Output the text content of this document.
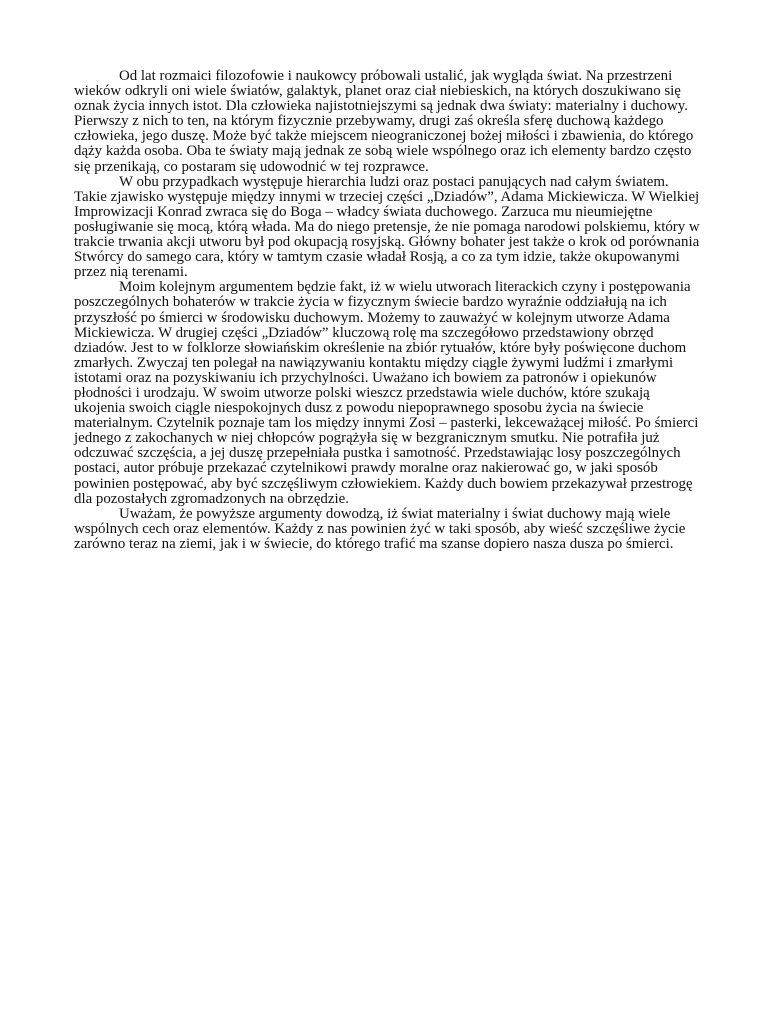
Od lat rozmaici filozofowie i naukowcy próbowali ustalić, jak wygląda świat. Na przestrzeni wieków odkryli oni wiele światów, galaktyk, planet oraz ciał niebieskich, na których doszukiwano się oznak życia innych istot. Dla człowieka najistotniejszymi są jednak dwa światy: materialny i duchowy. Pierwszy z nich to ten, na którym fizycznie przebywamy, drugi zaś określa sferę duchową każdego człowieka, jego duszę. Może być także miejscem nieograniczonej bożej miłości i zbawienia, do którego dąży każda osoba. Oba te światy mają jednak ze sobą wiele wspólnego oraz ich elementy bardzo często się przenikają, co postaram się udowodnić w tej rozprawce.

W obu przypadkach występuje hierarchia ludzi oraz postaci panujących nad całym światem. Takie zjawisko występuje między innymi w trzeciej części „Dziadów”, Adama Mickiewicza. W Wielkiej Improwizacji Konrad zwraca się do Boga – władcy świata duchowego. Zarzuca mu nieumiejętne posługiwanie się mocą, którą włada. Ma do niego pretensje, że nie pomaga narodowi polskiemu, który w trakcie trwania akcji utworu był pod okupacją rosyjską. Główny bohater jest także o krok od porównania Stwórcy do samego cara, który w tamtym czasie władał Rosją, a co za tym idzie, także okupowanymi przez nią terenami.

Moim kolejnym argumentem będzie fakt, iż w wielu utworach literackich czyny i postępowania poszczególnych bohaterów w trakcie życia w fizycznym świecie bardzo wyraźnie oddziałują na ich przyszłość po śmierci w środowisku duchowym. Możemy to zauważyć w kolejnym utworze Adama Mickiewicza. W drugiej części „Dziadów” kluczową rolę ma szczegółowo przedstawiony obrzęd dziadów. Jest to w folklorze słowiańskim określenie na zbiór rytuałów, które były poświęcone duchom zmarłych. Zwyczaj ten polegał na nawiązywaniu kontaktu między ciągle żywymi ludźmi i zmarłymi istotami oraz na pozyskiwaniu ich przychylności. Uważano ich bowiem za patronów i opiekunów płodności i urodzaju. W swoim utworze polski wieszcz przedstawia wiele duchów, które szukają ukojenia swoich ciągle niespokojnych dusz z powodu niepoprawnego sposobu życia na świecie materialnym. Czytelnik poznaje tam los między innymi Zosi – pasterki, lekceważącej miłość. Po śmierci jednego z zakochanych w niej chłopców pogrążyła się w bezgranicznym smutku. Nie potrafiła już odczuwać szczęścia, a jej duszę przepełniała pustka i samotność. Przedstawiając losy poszczególnych postaci, autor próbuje przekazać czytelnikowi prawdy moralne oraz nakierować go, w jaki sposób powinien postępować, aby być szczęśliwym człowiekiem. Każdy duch bowiem przekazywał przestrogę dla pozostałych zgromadzonych na obrzędzie.

Uważam, że powyższe argumenty dowodzą, iż świat materialny i świat duchowy mają wiele wspólnych cech oraz elementów. Każdy z nas powinien żyć w taki sposób, aby wieść szczęśliwe życie zarówno teraz na ziemi, jak i w świecie, do którego trafić ma szanse dopiero nasza dusza po śmierci.
